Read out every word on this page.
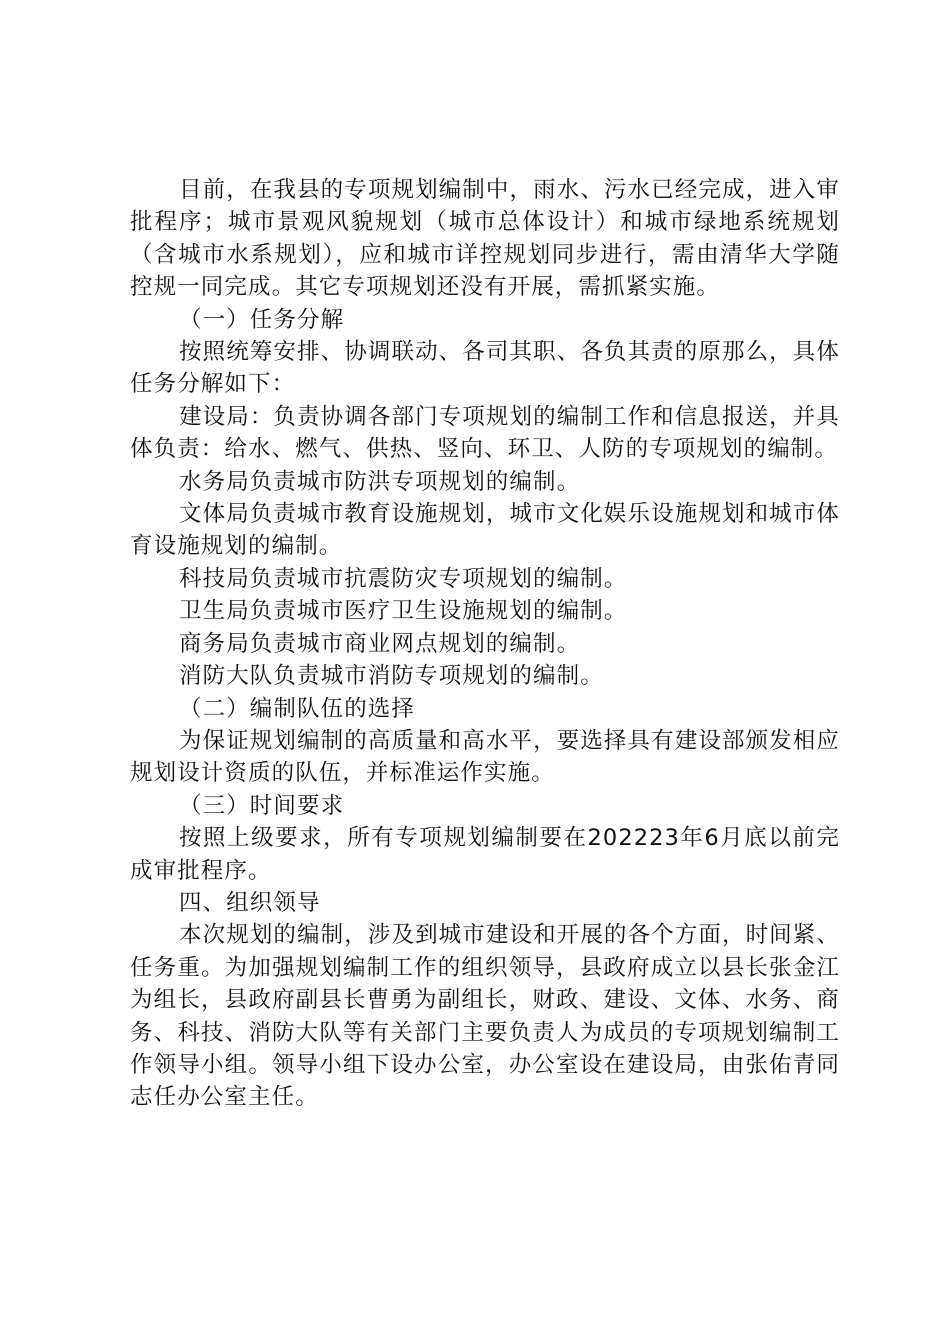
目前，在我县的专项规划编制中，雨水、污水已经完成，进入审批程序；城市景观风貌规划（城市总体设计）和城市绿地系统规划（含城市水系规划），应和城市详控规划同步进行，需由清华大学随控规一同完成。其它专项规划还没有开展，需抓紧实施。

（一）任务分解

按照统筹安排、协调联动、各司其职、各负其责的原那么，具体任务分解如下：

建设局：负责协调各部门专项规划的编制工作和信息报送，并具体负责：给水、燃气、供热、竖向、环卫、人防的专项规划的编制。

水务局负责城市防洪专项规划的编制。

文体局负责城市教育设施规划，城市文化娱乐设施规划和城市体育设施规划的编制。

科技局负责城市抗震防灾专项规划的编制。

卫生局负责城市医疗卫生设施规划的编制。

商务局负责城市商业网点规划的编制。

消防大队负责城市消防专项规划的编制。

（二）编制队伍的选择

为保证规划编制的高质量和高水平，要选择具有建设部颁发相应规划设计资质的队伍，并标准运作实施。

（三）时间要求

按照上级要求，所有专项规划编制要在202223年6月底以前完成审批程序。

四、组织领导

本次规划的编制，涉及到城市建设和开展的各个方面，时间紧、任务重。为加强规划编制工作的组织领导，县政府成立以县长张金江为组长，县政府副县长曹勇为副组长，财政、建设、文体、水务、商务、科技、消防大队等有关部门主要负责人为成员的专项规划编制工作领导小组。领导小组下设办公室，办公室设在建设局，由张佑青同志任办公室主任。
